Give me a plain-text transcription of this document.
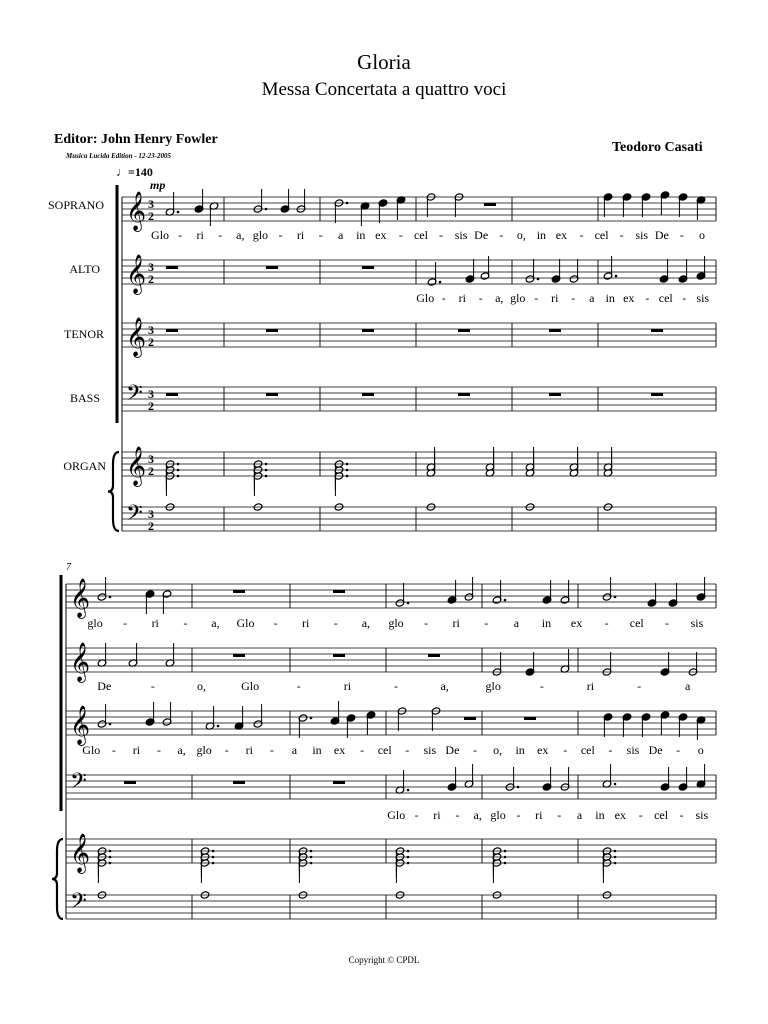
Gloria
Messa Concertata a quattro voci
Editor: John Henry Fowler
Musica Lucida Edition - 12-23-2005
Teodoro Casati
♩=140
SOPRANO
ALTO
TENOR
BASS
ORGAN
7
Copyright © CPDL
𝄞 3
2
𝄞 3
2
𝄞 3
2
𝄢 3
2
𝄞 3
2
𝄢 3
2
𝄞
𝄞
𝄞
𝄢
𝄞
𝄢
Glo - ri - a, glo - ri - a in ex - cel - sis De - o, in ex - cel - sis De - o
Glo - ri - a, glo - ri - a in ex - cel - sis
glo - ri - a, Glo - ri - a, glo - ri - a in ex - cel - sis
De	-	o,	Glo	-	ri	-	a,	glo	-	ri	-	a
Glo - ri - a, glo - ri - a in ex - cel - sis De - o, in ex - cel - sis De - o
Glo - ri - a, glo - ri - a in ex - cel - sis
mp
